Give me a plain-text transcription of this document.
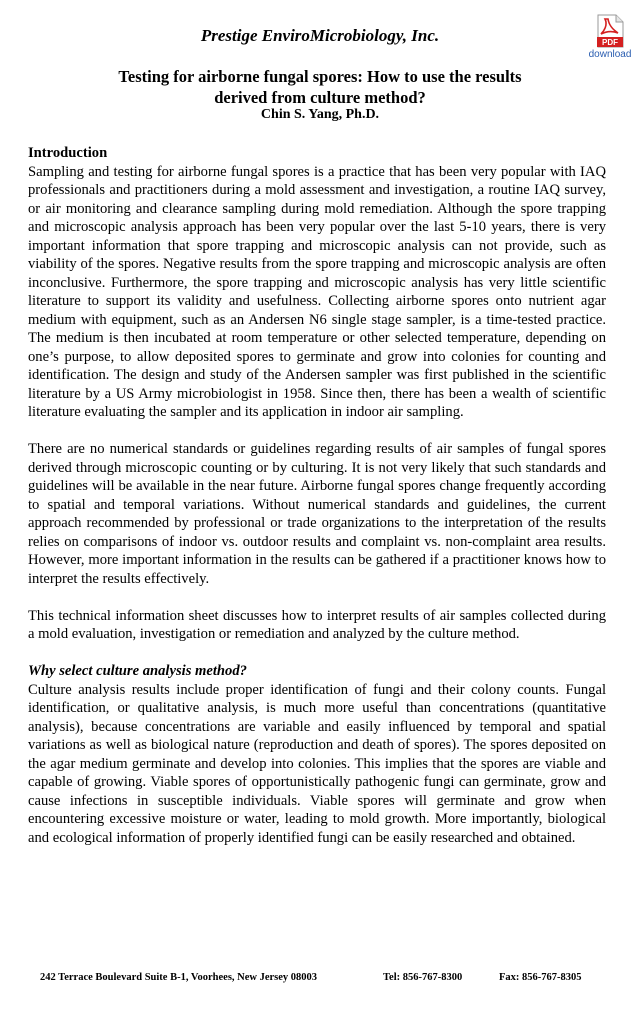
Prestige EnviroMicrobiology, Inc.	PDF
download
Testing for airborne fungal spores: How to use the results
derived from culture method?
Chin S. Yang, Ph.D.
Introduction

Sampling and testing for airborne fungal spores is a practice that has been very popular with IAQ professionals and practitioners during a mold assessment and investigation, a routine IAQ survey, or air monitoring and clearance sampling during mold remediation. Although the spore trapping and microscopic analysis approach has been very popular over the last 5-10 years, there is very important information that spore trapping and microscopic analysis can not provide, such as viability of the spores. Negative results from the spore trapping and microscopic analysis are often inconclusive. Furthermore, the spore trapping and microscopic analysis has very little scientific literature to support its validity and usefulness. Collecting airborne spores onto nutrient agar medium with equipment, such as an Andersen N6 single stage sampler, is a time-tested practice. The medium is then incubated at room temperature or other selected temperature, depending on one’s purpose, to allow deposited spores to germinate and grow into colonies for counting and identification. The design and study of the Andersen sampler was first published in the scientific literature by a US Army microbiologist in 1958. Since then, there has been a wealth of scientific literature evaluating the sampler and its application in indoor air sampling.

There are no numerical standards or guidelines regarding results of air samples of fungal spores derived through microscopic counting or by culturing. It is not very likely that such standards and guidelines will be available in the near future. Airborne fungal spores change frequently according to spatial and temporal variations. Without numerical standards and guidelines, the current approach recommended by professional or trade organizations to the interpretation of the results relies on comparisons of indoor vs. outdoor results and complaint vs. non-complaint area results. However, more important information in the results can be gathered if a practitioner knows how to interpret the results effectively.

This technical information sheet discusses how to interpret results of air samples collected during a mold evaluation, investigation or remediation and analyzed by the culture method.

Why select culture analysis method?

Culture analysis results include proper identification of fungi and their colony counts. Fungal identification, or qualitative analysis, is much more useful than concentrations (quantitative analysis), because concentrations are variable and easily influenced by temporal and spatial variations as well as biological nature (reproduction and death of spores). The spores deposited on the agar medium germinate and develop into colonies. This implies that the spores are viable and capable of growing. Viable spores of opportunistically pathogenic fungi can germinate, grow and cause infections in susceptible individuals. Viable spores will germinate and grow when encountering excessive moisture or water, leading to mold growth. More importantly, biological and ecological information of properly identified fungi can be easily researched and obtained.

242 Terrace Boulevard Suite B-1, Voorhees, New Jersey 08003	Tel: 856-767-8300	Fax: 856-767-8305
